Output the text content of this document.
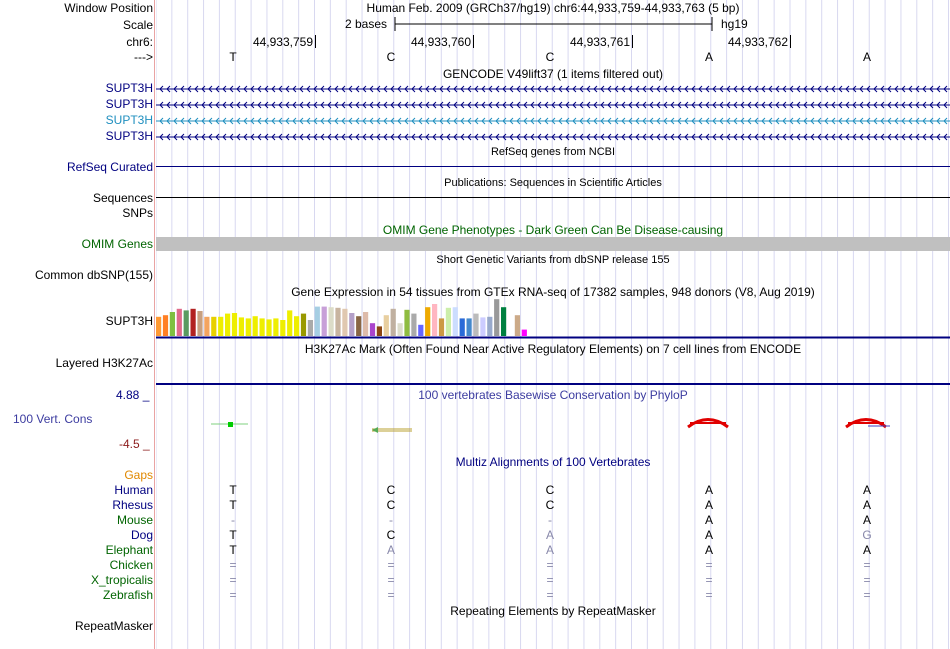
Window Position	Human Feb. 2009 (GRCh37/hg19) chr6:44,933,759-44,933,763 (5 bp)
Scale	2 bases	hg19
chr6:
--->
GENCODE V49lift37 (1 items filtered out)
RefSeq genes from NCBI
RefSeq Curated
Publications: Sequences in Scientific Articles
Sequences
SNPs
OMIM Gene Phenotypes - Dark Green Can Be Disease-causing
OMIM Genes
Short Genetic Variants from dbSNP release 155
Common dbSNP(155)
Gene Expression in 54 tissues from GTEx RNA-seq of 17382 samples, 948 donors (V8, Aug 2019)
SUPT3H
H3K27Ac Mark (Often Found Near Active Regulatory Elements) on 7 cell lines from ENCODE
Layered H3K27Ac
4.88 _	100 vertebrates Basewise Conservation by PhyloP
100 Vert. Cons
-4.5 _
Gaps
Multiz Alignments of 100 Vertebrates
Repeating Elements by RepeatMasker
RepeatMasker
44,933,759	44,933,760	44,933,761	44,933,762
T	C	C	A	A
SUPT3H
SUPT3H
SUPT3H
SUPT3H
Human	T	C	C	A	A
Rhesus	T	C	C	A	A
Mouse	-	-	-	A	A
Dog	T	C	A	A	G
Elephant	T	A	A	A	A
Chicken	=	=	=	=	=
X_tropicalis	=	=	=	=	=
Zebrafish	=	=	=	=	=
